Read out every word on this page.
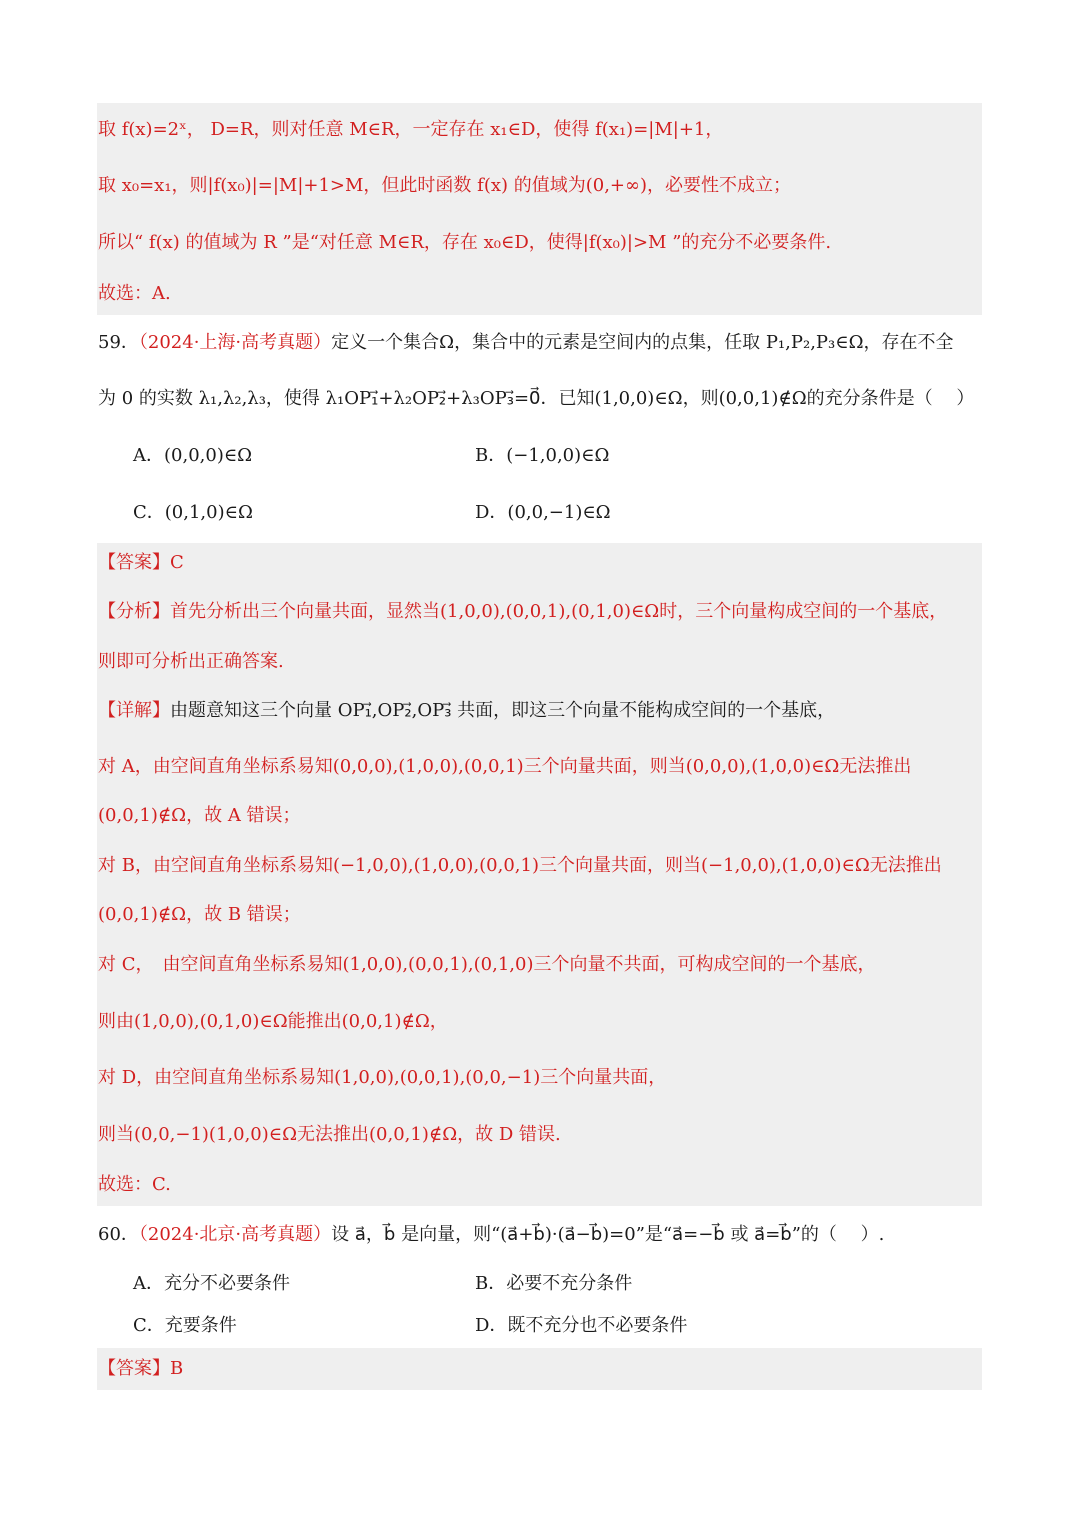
取 f(x)=2ˣ， D=R，则对任意 M∈R，一定存在 x₁∈D，使得 f(x₁)=|M|+1，
取 x₀=x₁，则|f(x₀)|=|M|+1>M，但此时函数 f(x) 的值域为(0,+∞)，必要性不成立；
所以“ f(x) 的值域为 R ”是“对任意 M∈R，存在 x₀∈D，使得|f(x₀)|>M ”的充分不必要条件.
故选：A.
59．（2024·上海·高考真题）定义一个集合Ω，集合中的元素是空间内的点集，任取 P₁,P₂,P₃∈Ω，存在不全
为 0 的实数 λ₁,λ₂,λ₃，使得 λ₁OP₁⃗+λ₂OP₂⃗+λ₃OP₃⃗=0⃗．已知(1,0,0)∈Ω，则(0,0,1)∉Ω的充分条件是（　 ）
A．(0,0,0)∈Ω	B．(−1,0,0)∈Ω
C．(0,1,0)∈Ω	D．(0,0,−1)∈Ω
【答案】C
【分析】首先分析出三个向量共面，显然当(1,0,0),(0,0,1),(0,1,0)∈Ω时，三个向量构成空间的一个基底，
则即可分析出正确答案.
【详解】由题意知这三个向量 OP₁⃗,OP₂⃗,OP₃⃗ 共面，即这三个向量不能构成空间的一个基底，
对 A，由空间直角坐标系易知(0,0,0),(1,0,0),(0,0,1)三个向量共面，则当(0,0,0),(1,0,0)∈Ω无法推出
(0,0,1)∉Ω，故 A 错误；
对 B，由空间直角坐标系易知(−1,0,0),(1,0,0),(0,0,1)三个向量共面，则当(−1,0,0),(1,0,0)∈Ω无法推出
(0,0,1)∉Ω，故 B 错误；
对 C，　由空间直角坐标系易知(1,0,0),(0,0,1),(0,1,0)三个向量不共面，可构成空间的一个基底，
则由(1,0,0),(0,1,0)∈Ω能推出(0,0,1)∉Ω，
对 D，由空间直角坐标系易知(1,0,0),(0,0,1),(0,0,−1)三个向量共面，
则当(0,0,−1)(1,0,0)∈Ω无法推出(0,0,1)∉Ω，故 D 错误.
故选：C.
60．（2024·北京·高考真题）设 a⃗，b⃗ 是向量，则“(a⃗+b⃗)·(a⃗−b⃗)=0”是“a⃗=−b⃗ 或 a⃗=b⃗”的（　 ）.
A．充分不必要条件	B．必要不充分条件
C．充要条件	D．既不充分也不必要条件
【答案】B
